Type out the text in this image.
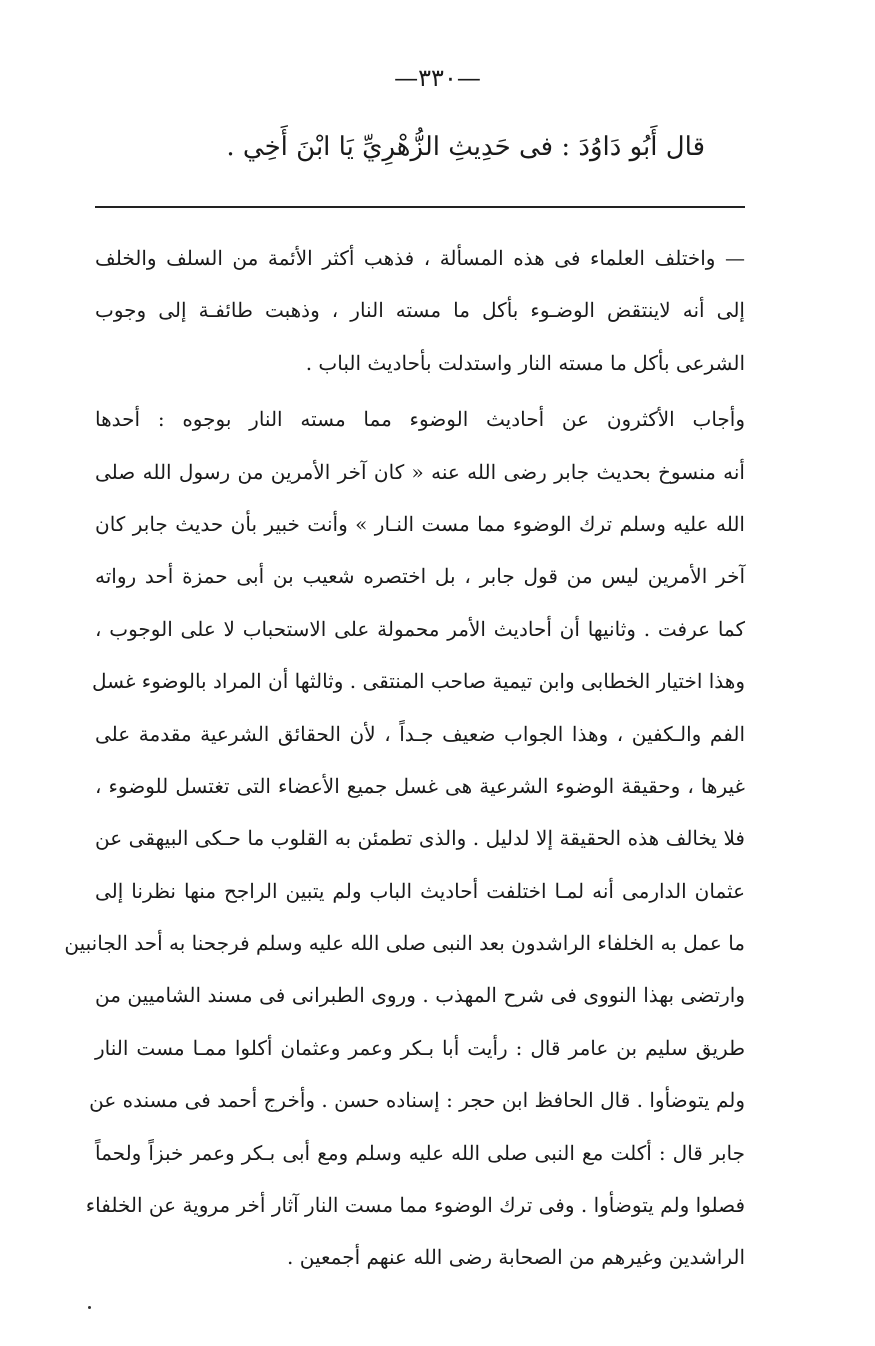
—٣٣٠—
قال أَبُو دَاوُدَ : فى حَدِيثِ الزُّهْرِيِّ يَا ابْنَ أَخِي .
— واختلف العلماء فى هذه المسألة ، فذهب أكثر الأئمة من السلف والخلف
إلى أنه لاينتقض الوضـوء بأكل ما مسته النار ، وذهبت طائفـة إلى وجوب
الشرعى بأكل ما مسته النار واستدلت بأحاديث الباب .
وأجاب الأكثرون عن أحاديث الوضوء مما مسته النار بوجوه : أحدها
أنه منسوخ بحديث جابر رضى الله عنه « كان آخر الأمرين من رسول الله صلى
الله عليه وسلم ترك الوضوء مما مست النـار » وأنت خبير بأن حديث جابر كان
آخر الأمرين ليس من قول جابر ، بل اختصره شعيب بن أبى حمزة أحد رواته
كما عرفت . وثانيها أن أحاديث الأمر محمولة على الاستحباب لا على الوجوب ،
وهذا اختيار الخطابى وابن تيمية صاحب المنتقى . وثالثها أن المراد بالوضوء غسل
الفم والـكفين ، وهذا الجواب ضعيف جـداً ، لأن الحقائق الشرعية مقدمة على
غيرها ، وحقيقة الوضوء الشرعية هى غسل جميع الأعضاء التى تغتسل للوضوء ،
فلا يخالف هذه الحقيقة إلا لدليل . والذى تطمئن به القلوب ما حـكى البيهقى عن
عثمان الدارمى أنه لمـا اختلفت أحاديث الباب ولم يتبين الراجح منها نظرنا إلى
ما عمل به الخلفاء الراشدون بعد النبى صلى الله عليه وسلم فرجحنا به أحد الجانبين
وارتضى بهذا النووى فى شرح المهذب . وروى الطبرانى فى مسند الشاميين من
طريق سليم بن عامر قال : رأيت أبا بـكر وعمر وعثمان أكلوا ممـا مست النار
ولم يتوضأوا . قال الحافظ ابن حجر : إسناده حسن . وأخرج أحمد فى مسنده عن
جابر قال : أكلت مع النبى صلى الله عليه وسلم ومع أبى بـكر وعمر خبزاً ولحماً
فصلوا ولم يتوضأوا . وفى ترك الوضوء مما مست النار آثار أخر مروية عن الخلفاء
الراشدين وغيرهم من الصحابة رضى الله عنهم أجمعين .
